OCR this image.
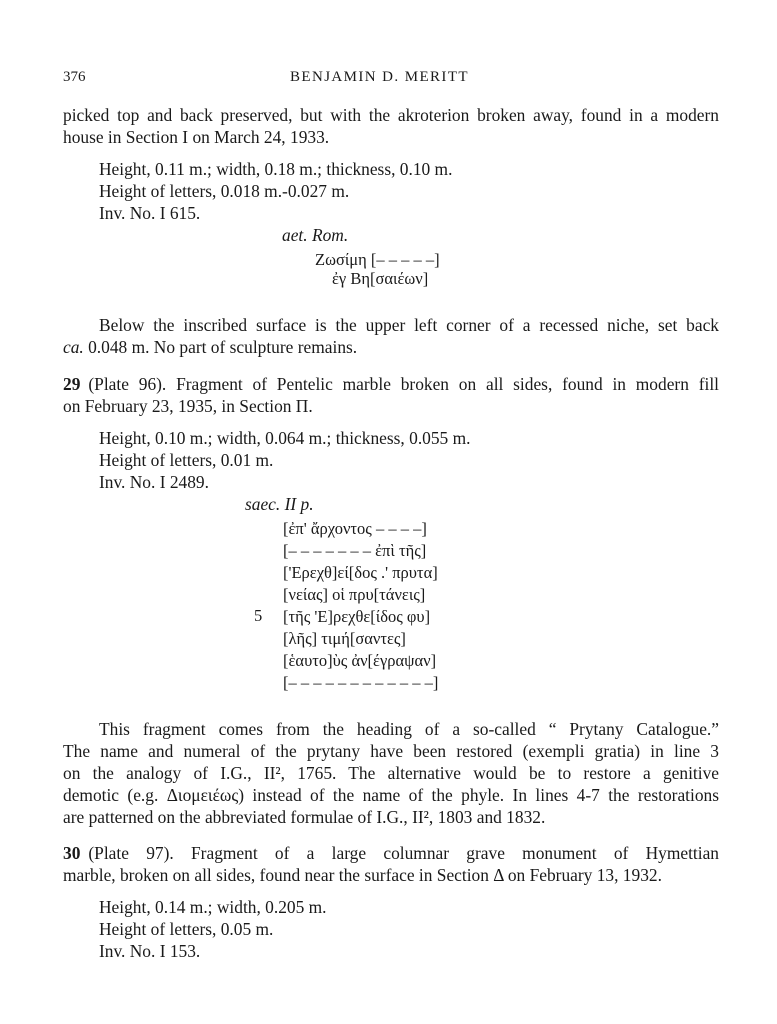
376	BENJAMIN D. MERITT
picked top and back preserved, but with the akroterion broken away, found in a modern
house in Section I on March 24, 1933.
Height, 0.11 m.; width, 0.18 m.; thickness, 0.10 m.
Height of letters, 0.018 m.-0.027 m.
Inv. No. I 615.
aet. Rom.
Ζωσίμη [– – – – –]
ἐγ Βη[σαιέων]
Below the inscribed surface is the upper left corner of a recessed niche, set back
ca. 0.048 m. No part of sculpture remains.
29 (Plate 96). Fragment of Pentelic marble broken on all sides, found in modern fill
on February 23, 1935, in Section Π.
Height, 0.10 m.; width, 0.064 m.; thickness, 0.055 m.
Height of letters, 0.01 m.
Inv. No. I 2489.
saec. II p.
[ἐπ' ἄρχοντος – – – –]
[– – – – – – – ἐπὶ τῆς]
['Ερεχθ]εί[δος .' πρυτα]
[νείας] οἱ πρυ[τάνεις]
5 [τῆς 'Ε]ρεχθε[ίδος φυ]
[λῆς] τιμή[σαντες]
[ἑαυτο]ὺς ἀν[έγραψαν]
[– – – – – – – – – – – –]
This fragment comes from the heading of a so-called “ Prytany Catalogue.”
The name and numeral of the prytany have been restored (exempli gratia) in line 3
on the analogy of I.G., II², 1765. The alternative would be to restore a genitive
demotic (e.g. Διομειέως) instead of the name of the phyle. In lines 4-7 the restorations
are patterned on the abbreviated formulae of I.G., II², 1803 and 1832.
30 (Plate 97). Fragment of a large columnar grave monument of Hymettian
marble, broken on all sides, found near the surface in Section Δ on February 13, 1932.
Height, 0.14 m.; width, 0.205 m.
Height of letters, 0.05 m.
Inv. No. I 153.
